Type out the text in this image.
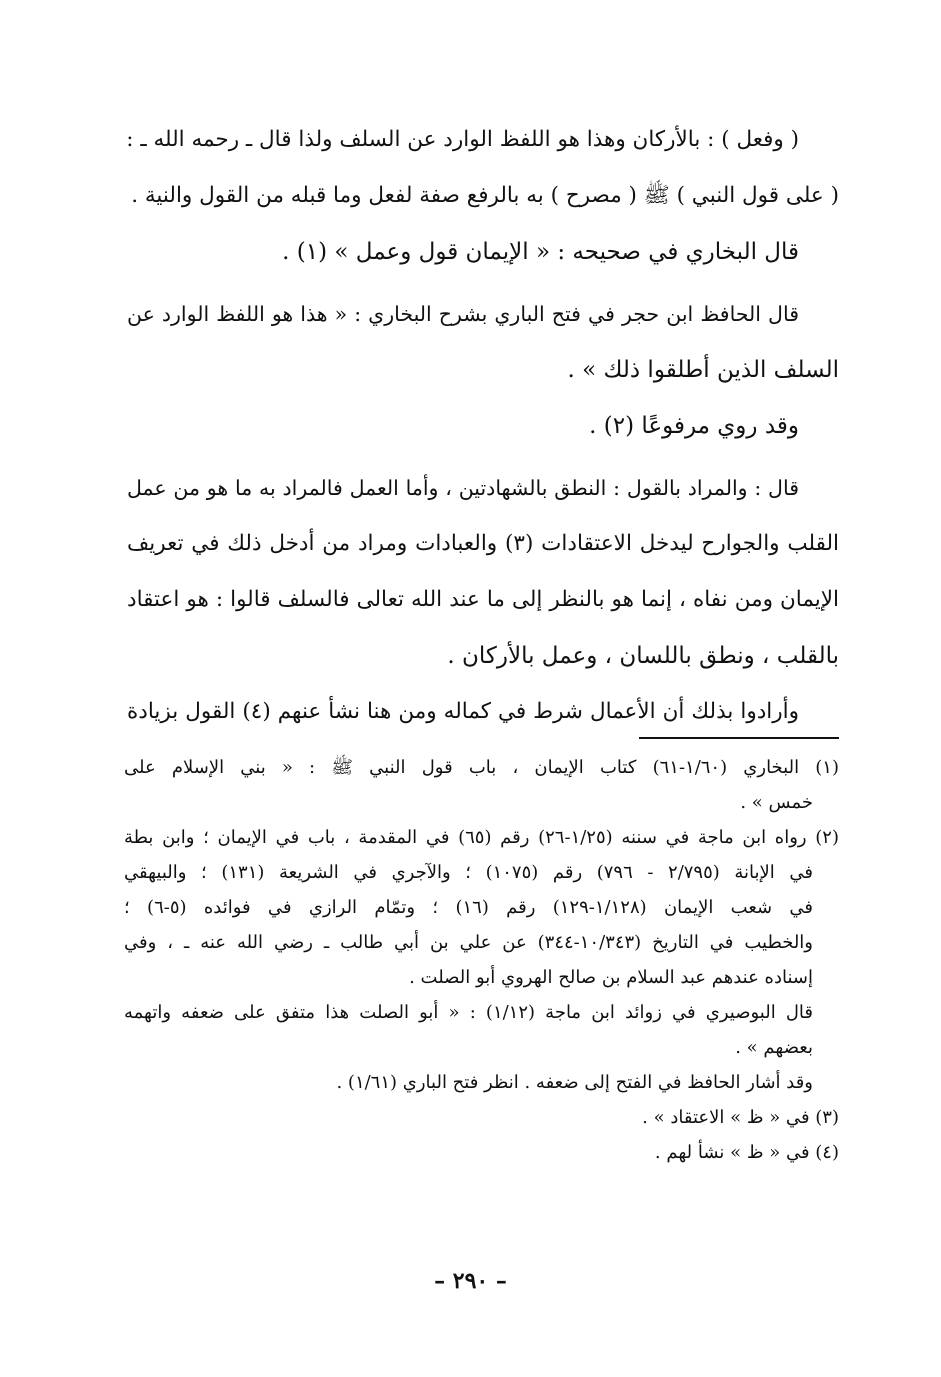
( وفعل ) : بالأركان وهذا هو اللفظ الوارد عن السلف ولذا قال ـ رحمه الله ـ :
( على قول النبي ) ﷺ ( مصرح ) به بالرفع صفة لفعل وما قبله من القول والنية .
قال البخاري في صحيحه : « الإيمان قول وعمل » (١) .
قال الحافظ ابن حجر في فتح الباري بشرح البخاري : « هذا هو اللفظ الوارد عن
السلف الذين أطلقوا ذلك » .
وقد روي مرفوعًا (٢) .
قال : والمراد بالقول : النطق بالشهادتين ، وأما العمل فالمراد به ما هو من عمل
القلب والجوارح ليدخل الاعتقادات (٣) والعبادات ومراد من أدخل ذلك في تعريف
الإيمان ومن نفاه ، إنما هو بالنظر إلى ما عند الله تعالى فالسلف قالوا : هو اعتقاد
بالقلب ، ونطق باللسان ، وعمل بالأركان .
وأرادوا بذلك أن الأعمال شرط في كماله ومن هنا نشأ عنهم (٤) القول بزيادة
(١) البخاري (١/٦٠-٦١) كتاب الإيمان ، باب قول النبي ﷺ : « بني الإسلام على
خمس » .
(٢) رواه ابن ماجة في سننه (١/٢٥-٢٦) رقم (٦٥) في المقدمة ، باب في الإيمان ؛ وابن بطة
في الإبانة (٢/٧٩٥ - ٧٩٦) رقم (١٠٧٥) ؛ والآجري في الشريعة (١٣١) ؛ والبيهقي
في شعب الإيمان (١/١٢٨-١٢٩) رقم (١٦) ؛ وتمّام الرازي في فوائده (٥-٦) ؛
والخطيب في التاريخ (١٠/٣٤٣-٣٤٤) عن علي بن أبي طالب ـ رضي الله عنه ـ ، وفي
إسناده عندهم عبد السلام بن صالح الهروي أبو الصلت .
قال البوصيري في زوائد ابن ماجة (١/١٢) : « أبو الصلت هذا متفق على ضعفه واتهمه
بعضهم » .
وقد أشار الحافظ في الفتح إلى ضعفه . انظر فتح الباري (١/٦١) .
(٣) في « ظ » الاعتقاد » .
(٤) في « ظ » نشأ لهم .
– ٢٩٠ –
